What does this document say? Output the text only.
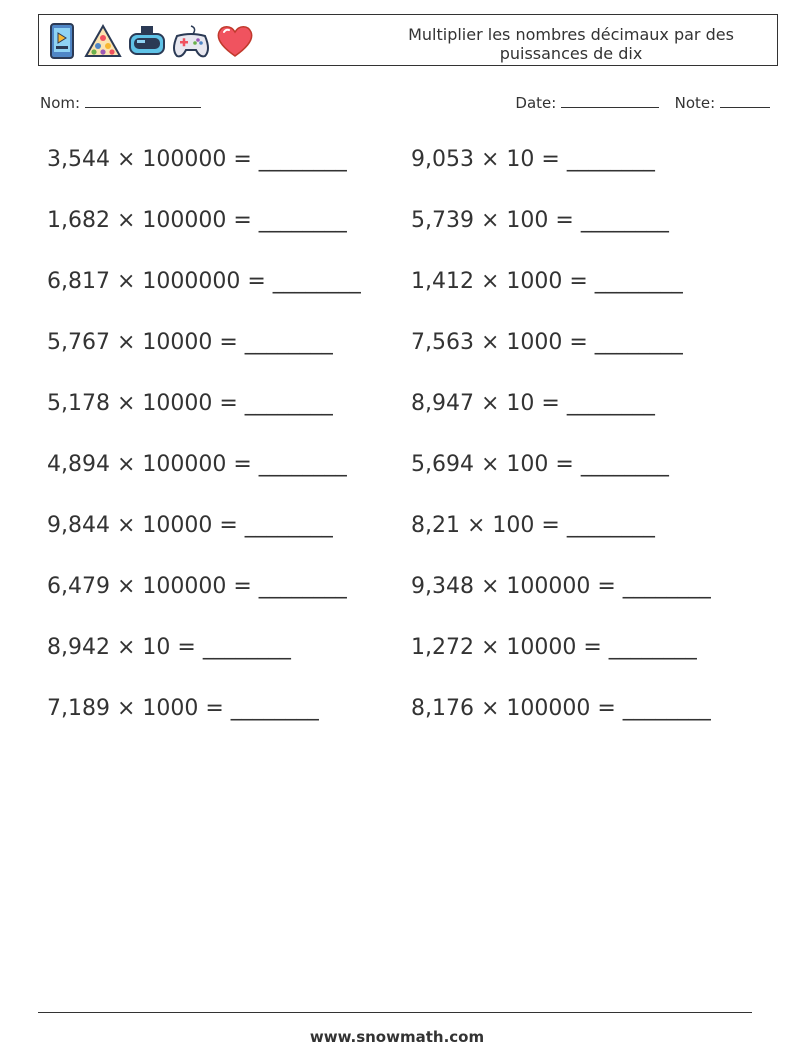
Multiplier les nombres décimaux par des puissances de dix
Nom:	Date:	Note:
3,544 × 100000 = ________	9,053 × 10 = ________
1,682 × 100000 = ________	5,739 × 100 = ________
6,817 × 1000000 = ________ 1,412 × 1000 = ________
5,767 × 10000 = ________	7,563 × 1000 = ________
5,178 × 10000 = ________	8,947 × 10 = ________
4,894 × 100000 = ________	5,694 × 100 = ________
9,844 × 10000 = ________	8,21 × 100 = ________
6,479 × 100000 = ________	9,348 × 100000 = ________
8,942 × 10 = ________	1,272 × 10000 = ________
7,189 × 1000 = ________	8,176 × 100000 = ________
www.snowmath.com
